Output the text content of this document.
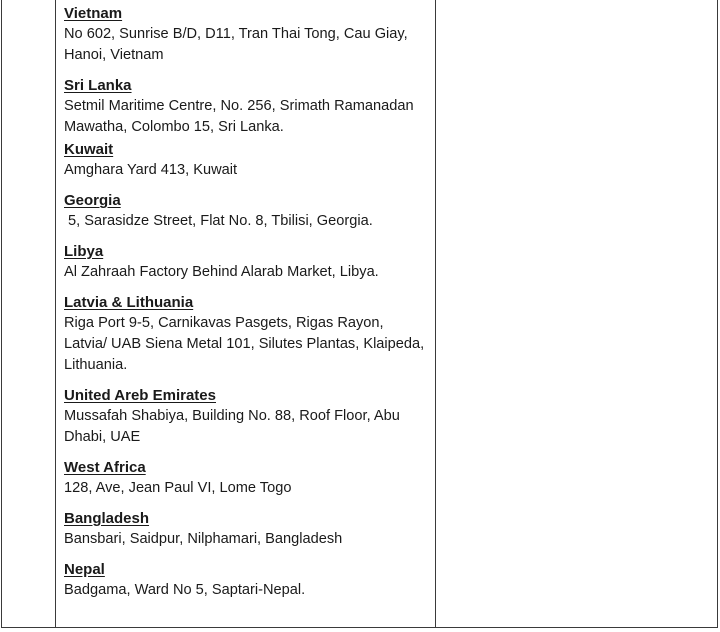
Vietnam
No 602, Sunrise B/D, D11, Tran Thai Tong, Cau Giay, Hanoi, Vietnam
Sri Lanka
Setmil Maritime Centre, No. 256, Srimath Ramanadan Mawatha, Colombo 15, Sri Lanka.
Kuwait
Amghara Yard 413, Kuwait
Georgia
5, Sarasidze Street, Flat No. 8, Tbilisi, Georgia.
Libya
Al Zahraah Factory Behind Alarab Market, Libya.
Latvia & Lithuania
Riga Port 9-5, Carnikavas Pasgets, Rigas Rayon, Latvia/ UAB Siena Metal 101, Silutes Plantas, Klaipeda, Lithuania.
United Areb Emirates
Mussafah Shabiya, Building No. 88, Roof Floor, Abu Dhabi, UAE
West Africa
128, Ave, Jean Paul VI, Lome Togo
Bangladesh
Bansbari, Saidpur, Nilphamari, Bangladesh
Nepal
Badgama, Ward No 5, Saptari-Nepal.
